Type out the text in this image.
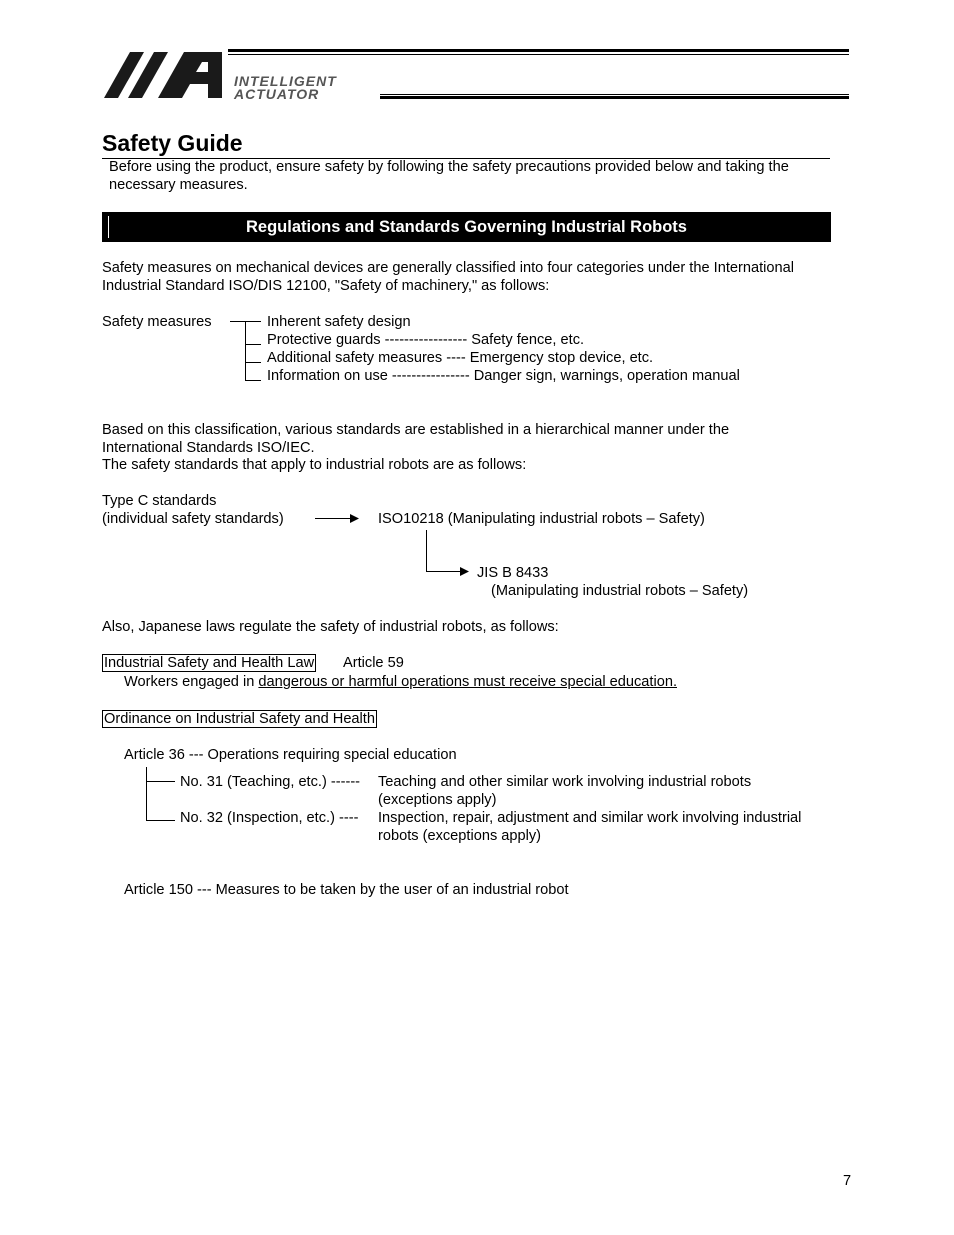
INTELLIGENT
ACTUATOR
Safety Guide
Before using the product, ensure safety by following the safety precautions provided below and taking the necessary measures.
Regulations and Standards Governing Industrial Robots
Safety measures on mechanical devices are generally classified into four categories under the International
Industrial Standard ISO/DIS 12100, "Safety of machinery," as follows:
Safety measures	Inherent safety design
Protective guards ----------------- Safety fence, etc.
Additional safety measures ---- Emergency stop device, etc.
Information on use ---------------- Danger sign, warnings, operation manual
Based on this classification, various standards are established in a hierarchical manner under the
International Standards ISO/IEC.
The safety standards that apply to industrial robots are as follows:
Type C standards
(individual safety standards)	ISO10218 (Manipulating industrial robots – Safety)
JIS B 8433
(Manipulating industrial robots – Safety)
Also, Japanese laws regulate the safety of industrial robots, as follows:
Industrial Safety and Health Law Article 59
Workers engaged in dangerous or harmful operations must receive special education.
Ordinance on Industrial Safety and Health
Article 36 --- Operations requiring special education
No. 31 (Teaching, etc.) ------ Teaching and other similar work involving industrial robots
(exceptions apply)
No. 32 (Inspection, etc.) ---- Inspection, repair, adjustment and similar work involving industrial
robots (exceptions apply)
Article 150 --- Measures to be taken by the user of an industrial robot
7
